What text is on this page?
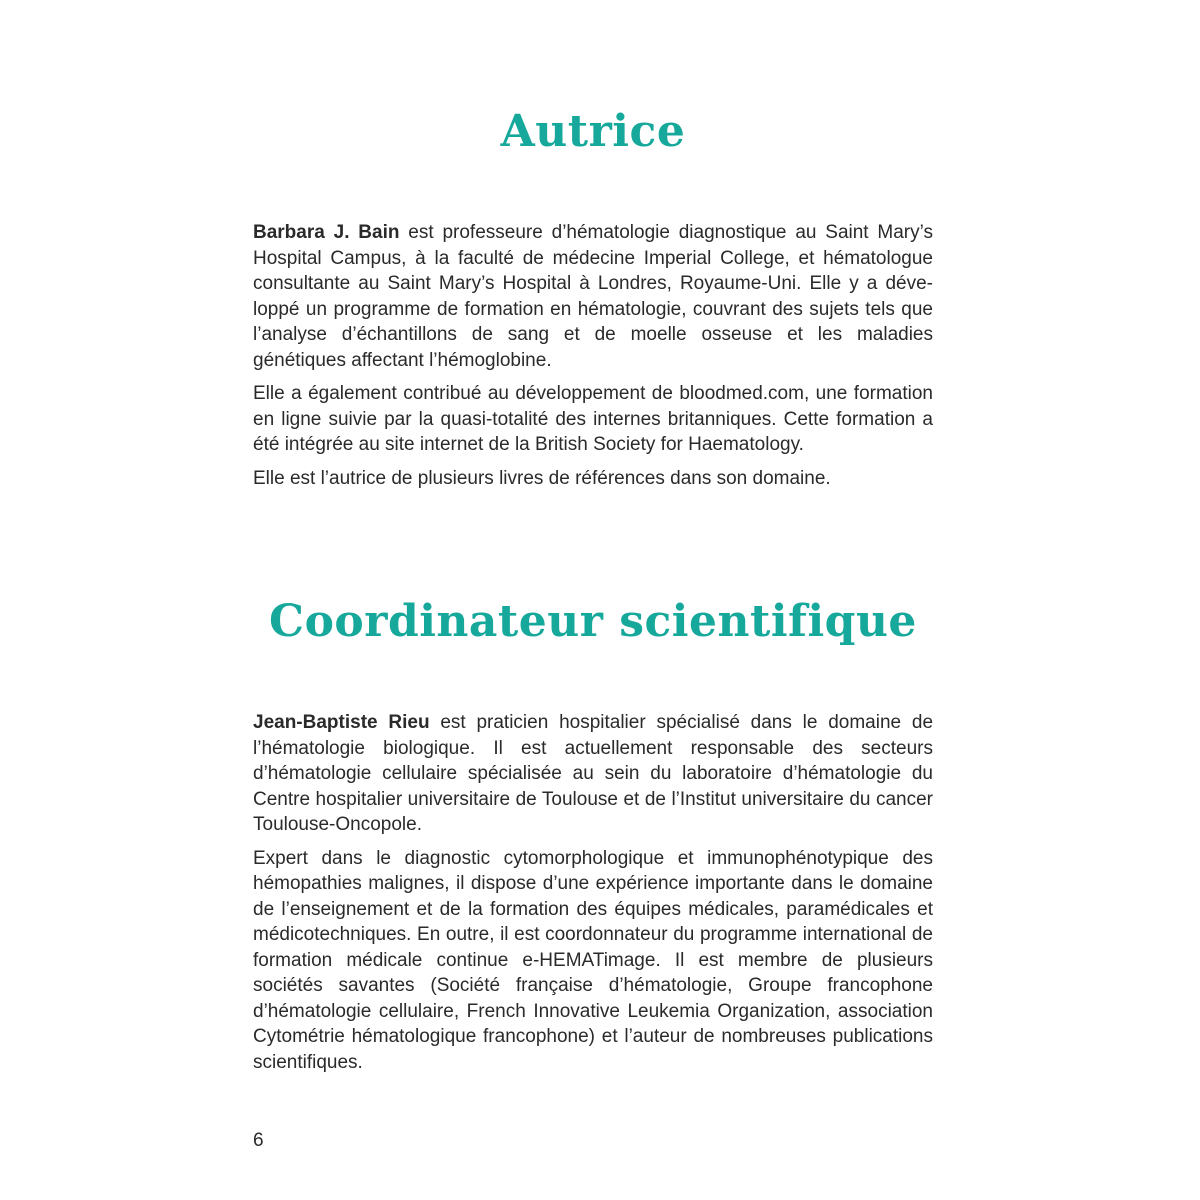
Autrice

Barbara J. Bain est professeure d’hématologie diagnostique au Saint Mary’s Hospital Campus, à la faculté de médecine Imperial College, et hématologue consultante au Saint Mary’s Hospital à Londres, Royaume-Uni. Elle y a développé un programme de formation en hématologie, couvrant des sujets tels que l’analyse d’échantillons de sang et de moelle osseuse et les maladies génétiques affectant l’hémoglobine.

Elle a également contribué au développement de bloodmed.com, une formation en ligne suivie par la quasi-totalité des internes britanniques. Cette formation a été intégrée au site internet de la British Society for Haematology.

Elle est l’autrice de plusieurs livres de références dans son domaine.

Coordinateur scientifique

Jean-Baptiste Rieu est praticien hospitalier spécialisé dans le domaine de l’hématologie biologique. Il est actuellement responsable des secteurs d’hématologie cellulaire spécialisée au sein du laboratoire d’hématologie du Centre hospitalier universitaire de Toulouse et de l’Institut universitaire du cancer Toulouse-Oncopole.

Expert dans le diagnostic cytomorphologique et immunophénotypique des hémopathies malignes, il dispose d’une expérience importante dans le domaine de l’enseignement et de la formation des équipes médicales, paramédicales et médicotechniques. En outre, il est coordonnateur du programme international de formation médicale continue e-HEMATimage. Il est membre de plusieurs sociétés savantes (Société française d’hématologie, Groupe francophone d’hématologie cellulaire, French Innovative Leukemia Organization, association Cytométrie hématologique francophone) et l’auteur de nombreuses publications scientifiques.

6
